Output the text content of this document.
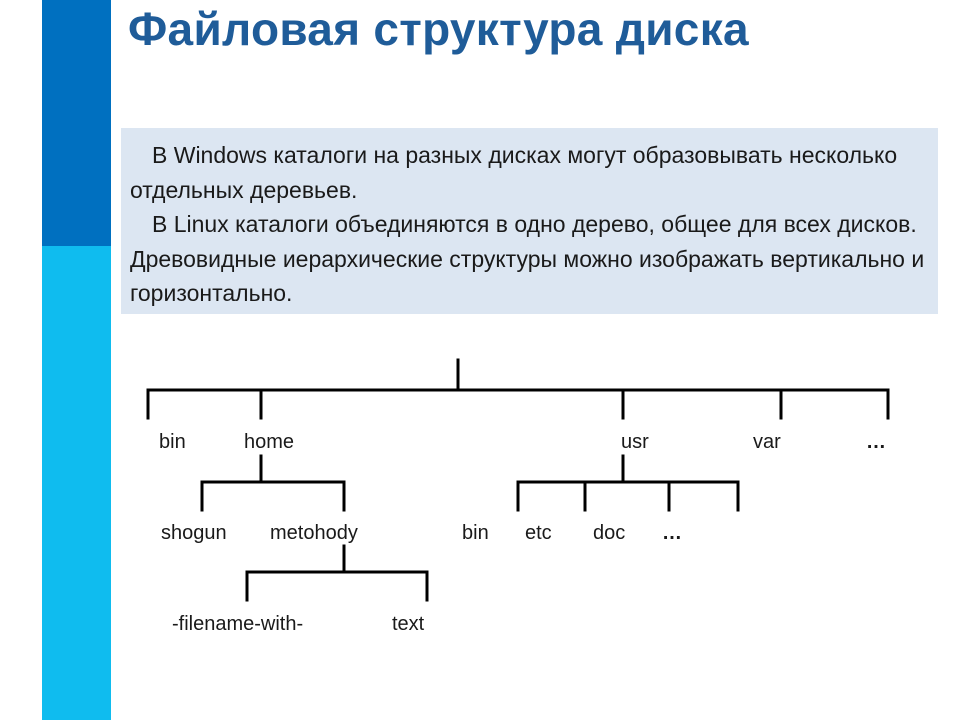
Файловая структура диска

В Windows каталоги на разных дисках могут образовывать несколько отдельных деревьев.

В Linux каталоги объединяются в одно дерево, общее для всех дисков. Древовидные иерархические структуры можно изображать вертикально и горизонтально.

bin	home	usr	var	…
shogun metohody	bin etc doc …
-filename-with-	text
